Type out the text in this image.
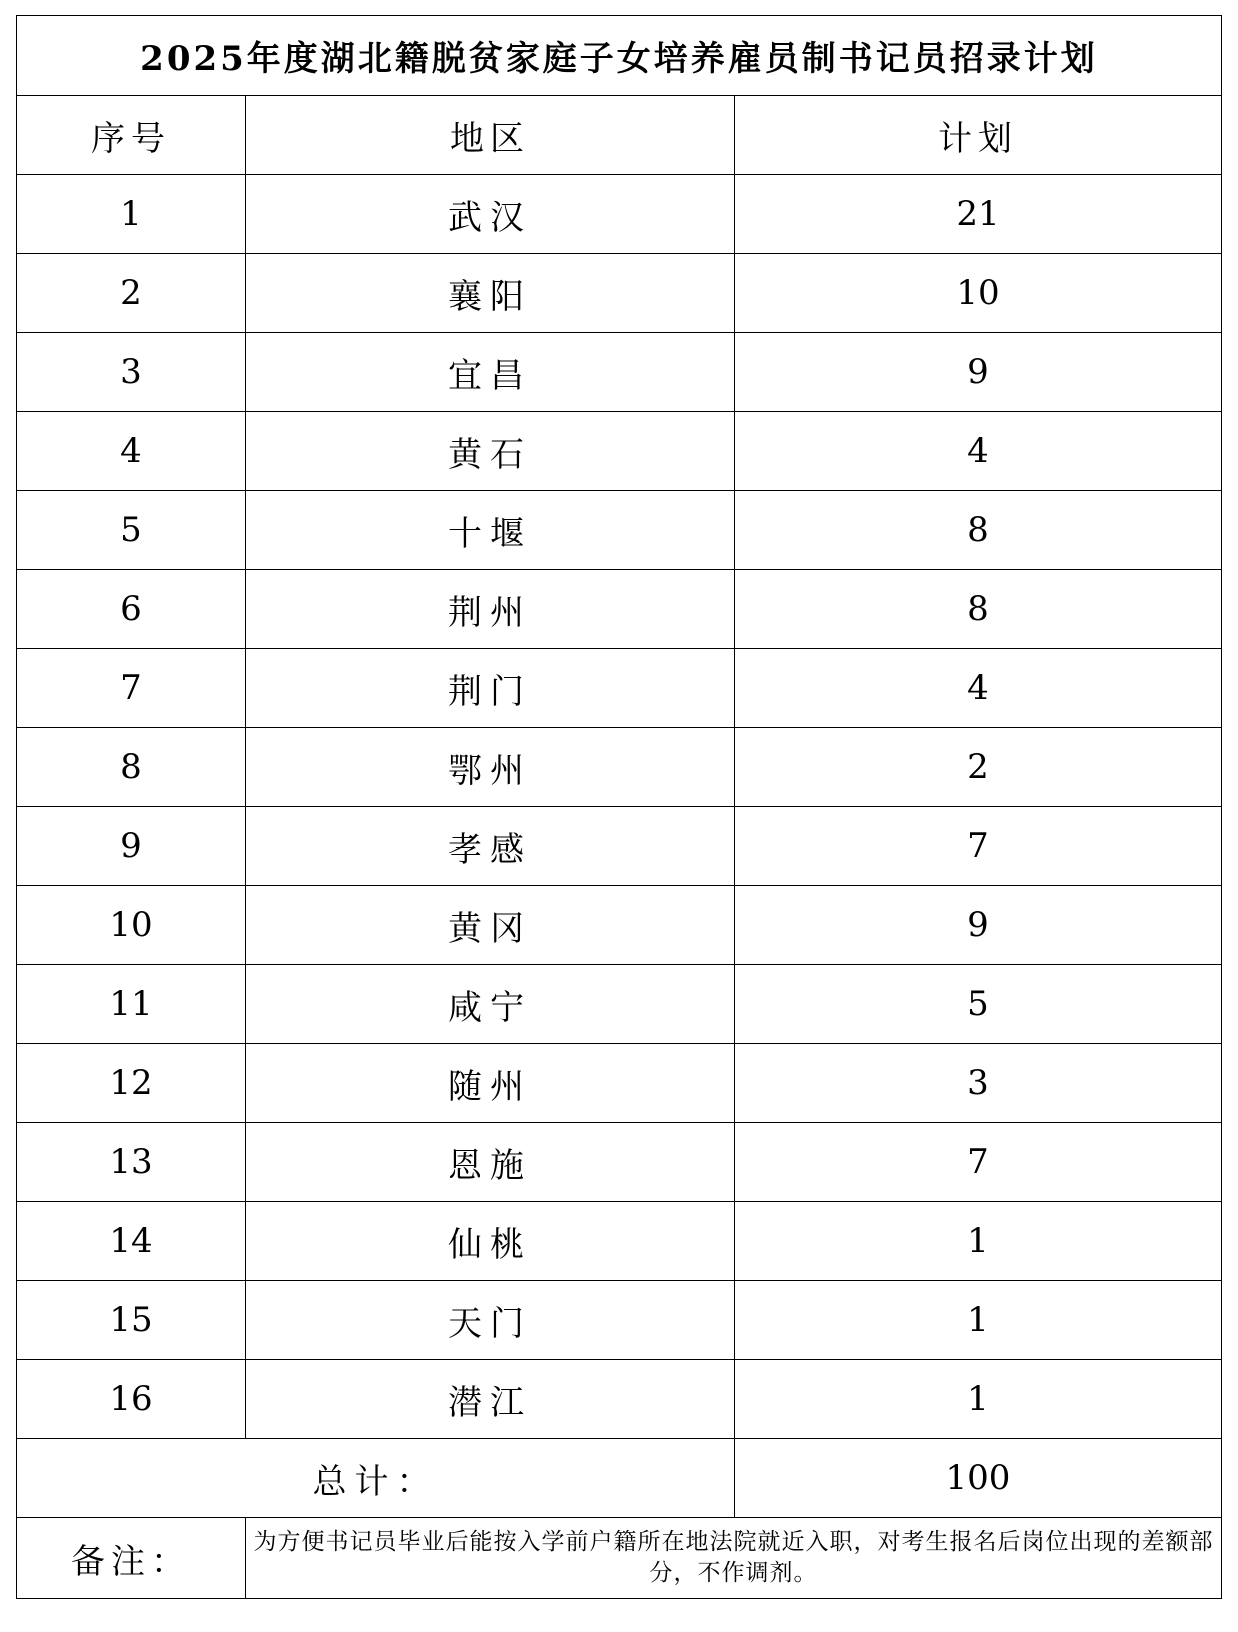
2025年度湖北籍脱贫家庭子女培养雇员制书记员招录计划		
序号	地区	计划
1	武汉	21
2	襄阳	10
3	宜昌	9
4	黄石	4
5	十堰	8
6	荆州	8
7	荆门	4
8	鄂州	2
9	孝感	7
10	黄冈	9
11	咸宁	5
12	随州	3
13	恩施	7
14	仙桃	1
15	天门	1
16	潜江	1
总计：		100
备注：	为方便书记员毕业后能按入学前户籍所在地法院就近入职，对考生报名后岗位出现的差额部分，不作调剂。	
